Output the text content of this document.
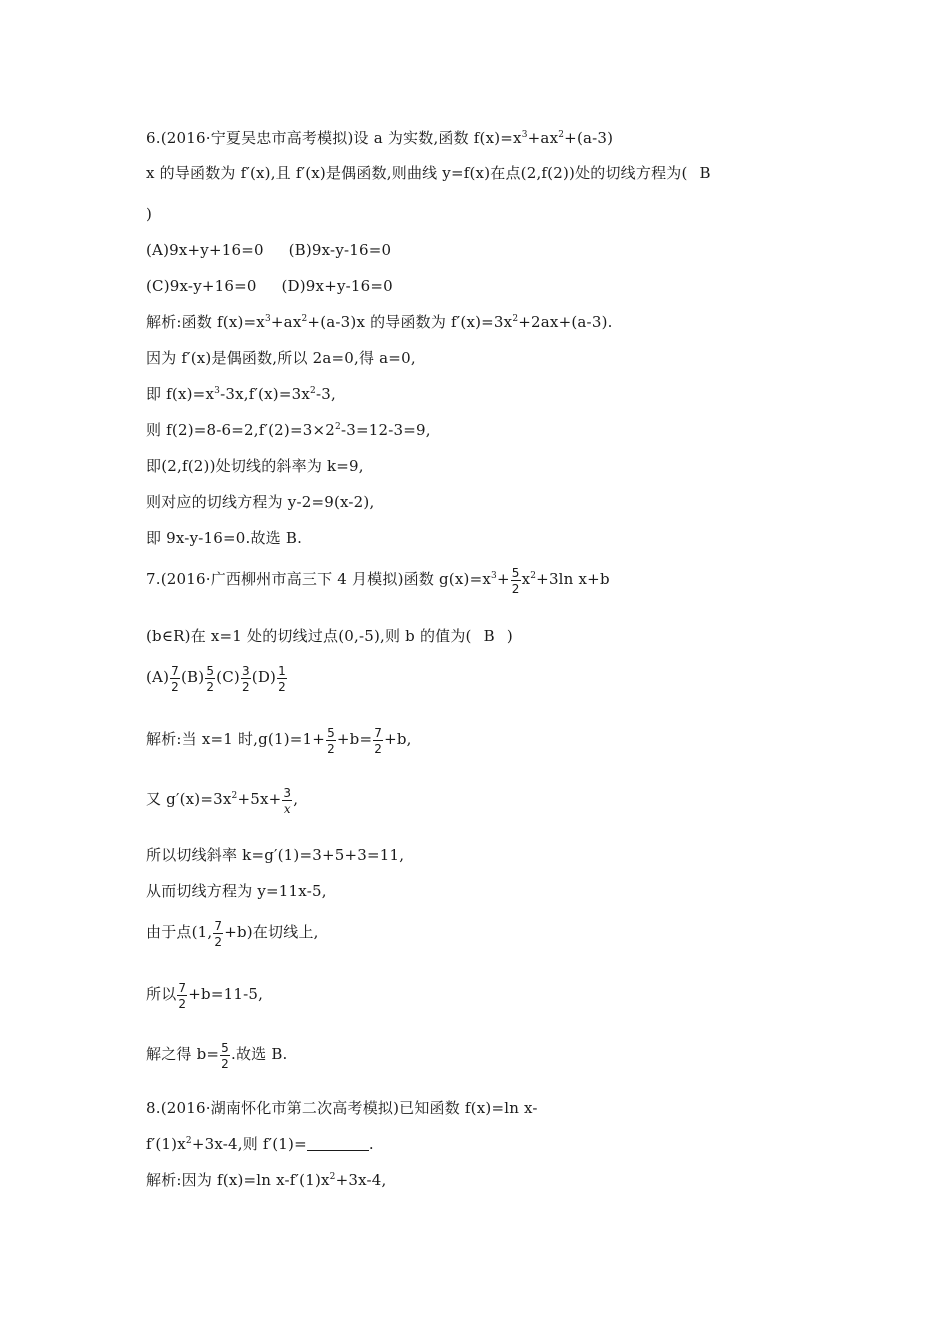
6.(2016·宁夏吴忠市高考模拟)设 a 为实数,函数 $f(x)=x^3+ax^2+(a-3)$
x 的导函数为 f′(x),且 f′(x)是偶函数,则曲线 y=f(x)在点(2,f(2))处的切线方程为( B
)
(A)9x+y+16=0     (B)9x-y-16=0
(C)9x-y+16=0     (D)9x+y-16=0
解析:函数 $f(x)=x^3+ax^2+(a-3)x$ 的导函数为 $f'(x)=3x^2+2ax+(a-3)$.
因为 f′(x)是偶函数,所以 2a=0,得 a=0,
即 $f(x)=x^3-3x,f'(x)=3x^2-3$,
则 $f(2)=8-6=2,f'(2)=3\times 2^2-3=12-3=9$,
即(2,f(2))处切线的斜率为 k=9,
则对应的切线方程为 y-2=9(x-2),
即 9x-y-16=0.故选 B.
7.(2016·广西柳州市高三下 4 月模拟)函数 $g(x)=x^3+ \frac{5}{2} x^2+3\ln$ x+b
(b∈R)在 x=1 处的切线过点(0,-5),则 b 的值为( B )
$(A) \frac{7}{2} (B) \frac{5}{2} (C) \frac{3}{2} (D) \frac{1}{2}$
解析:当 x=1 时$,g(1)=1+ \frac{5}{2} +b= \frac{7}{2} +b$,
又 $g'(x)=3x^2+5x+ \frac{3}{x}$ ,
所以切线斜率 k=g′(1)=3+5+3=11,
从而切线方程为 y=11x-5,
由于点(1, $\frac{7}{2} +b$)在切线上,
所以 $\frac{7}{2} +b=11-5$,
解之得 $b= \frac{5}{2}$ .故选 B.
8.(2016·湖南怀化市第二次高考模拟)已知函数 f(x)=ln x-
$f'(1)x^2+3x-4$,则 f′(1)=	.
解析:因为 f(x)=ln $x-f'(1)x^2+3x-4$,
